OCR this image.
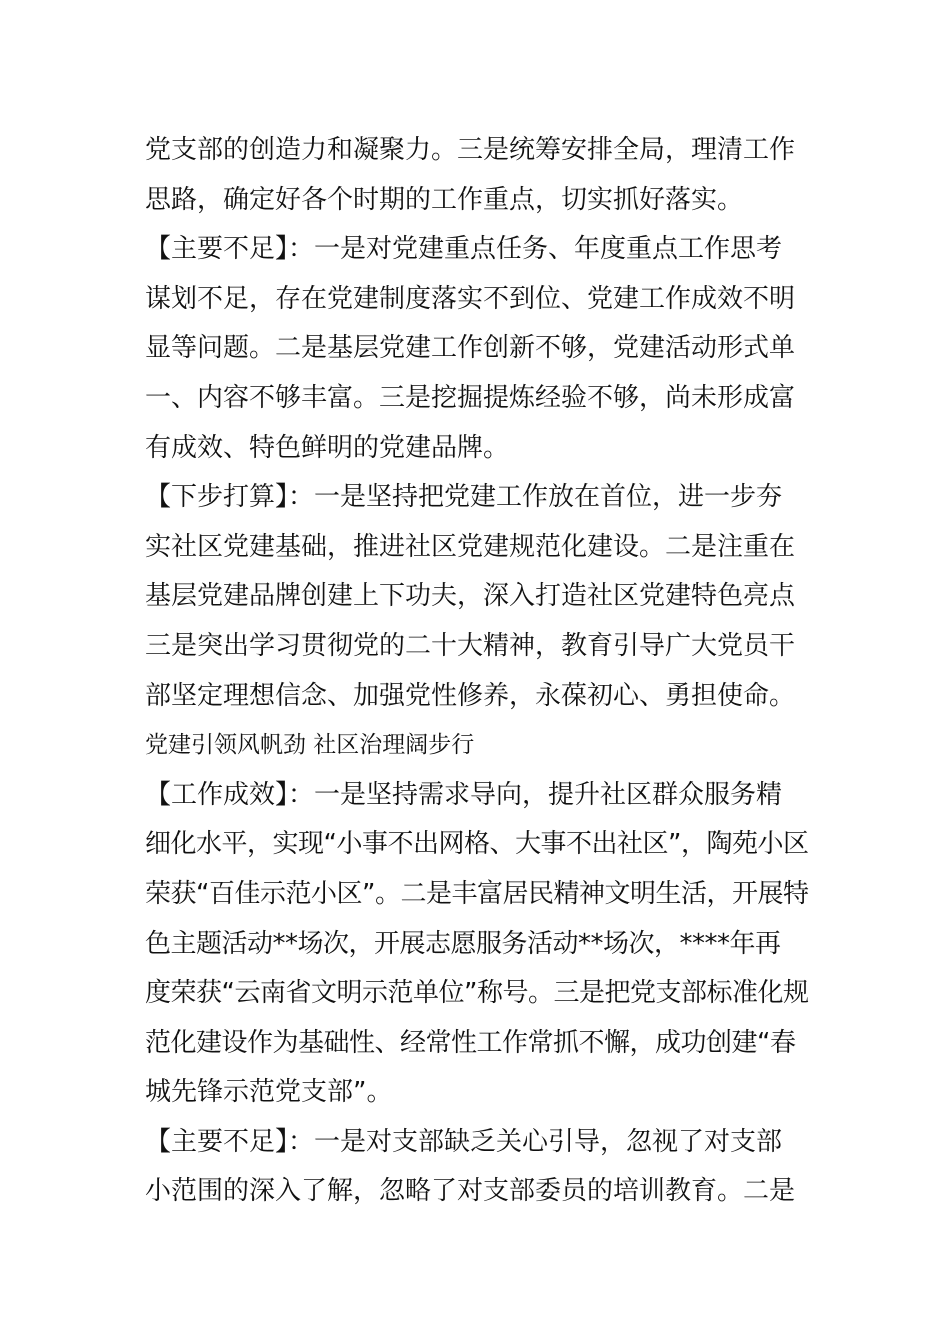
党支部的创造力和凝聚力。三是统筹安排全局，理清工作
思路，确定好各个时期的工作重点，切实抓好落实。
【主要不足】：一是对党建重点任务、年度重点工作思考
谋划不足，存在党建制度落实不到位、党建工作成效不明
显等问题。二是基层党建工作创新不够，党建活动形式单
一、内容不够丰富。三是挖掘提炼经验不够，尚未形成富
有成效、特色鲜明的党建品牌。
【下步打算】：一是坚持把党建工作放在首位，进一步夯
实社区党建基础，推进社区党建规范化建设。二是注重在
基层党建品牌创建上下功夫，深入打造社区党建特色亮点
三是突出学习贯彻党的二十大精神，教育引导广大党员干
部坚定理想信念、加强党性修养，永葆初心、勇担使命。
党建引领风帆劲 社区治理阔步行
【工作成效】：一是坚持需求导向，提升社区群众服务精
细化水平，实现“小事不出网格、大事不出社区”，陶苑小区
荣获“百佳示范小区”。二是丰富居民精神文明生活，开展特
色主题活动**场次，开展志愿服务活动**场次，****年再
度荣获“云南省文明示范单位”称号。三是把党支部标准化规
范化建设作为基础性、经常性工作常抓不懈，成功创建“春
城先锋示范党支部”。
【主要不足】：一是对支部缺乏关心引导，忽视了对支部
小范围的深入了解，忽略了对支部委员的培训教育。二是
